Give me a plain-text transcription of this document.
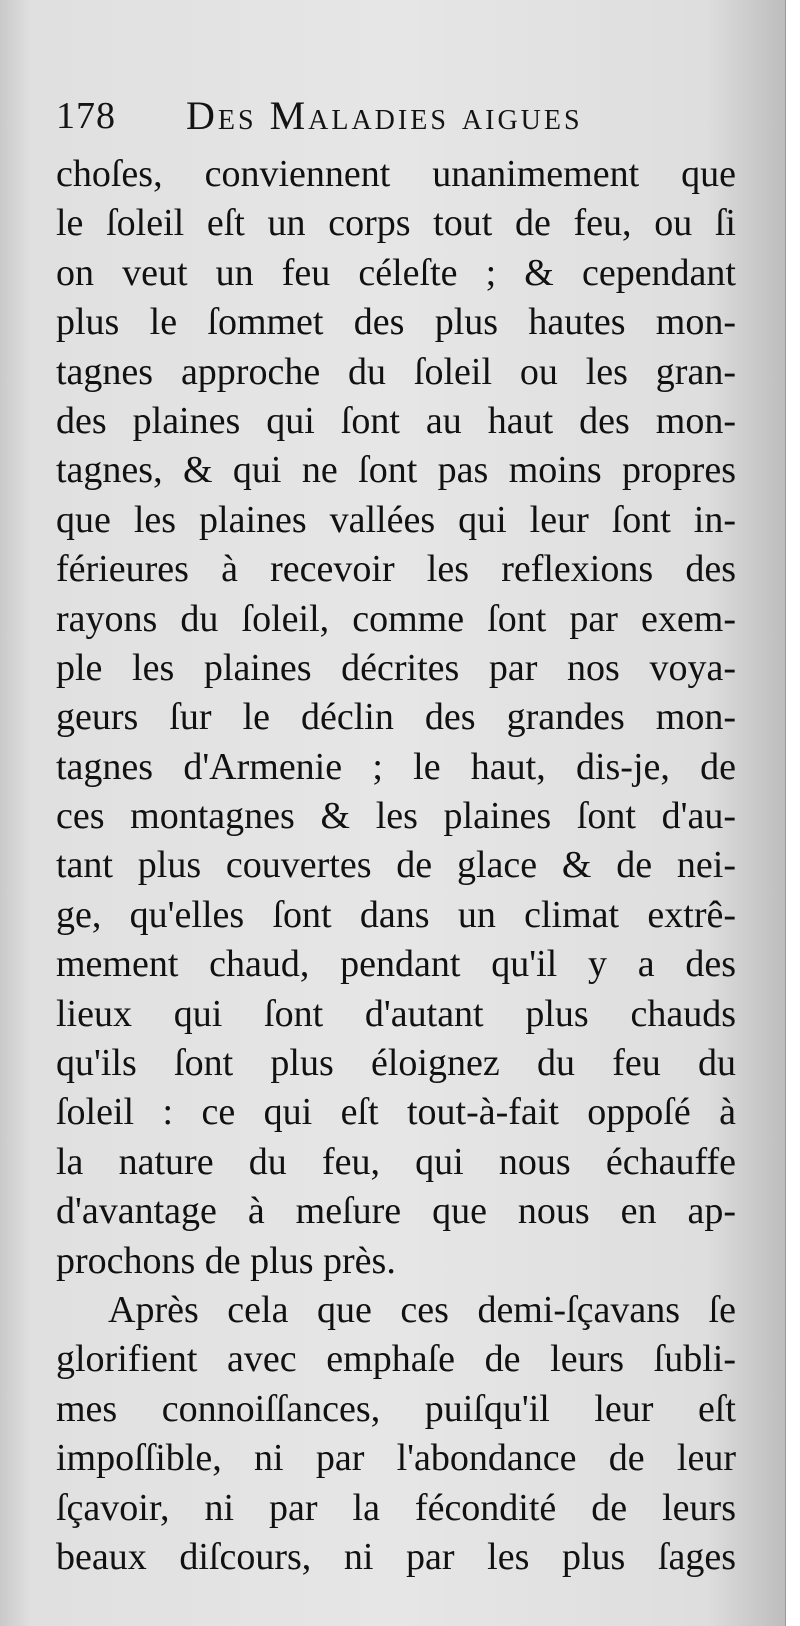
178 Des Maladies aigues
choſes, conviennent unanimement que
le ſoleil eſt un corps tout de feu, ou ſi
on veut un feu céleſte ; & cependant
plus le ſommet des plus hautes mon-
tagnes approche du ſoleil ou les gran-
des plaines qui ſont au haut des mon-
tagnes, & qui ne ſont pas moins propres
que les plaines vallées qui leur ſont in-
férieures à recevoir les reflexions des
rayons du ſoleil, comme ſont par exem-
ple les plaines décrites par nos voya-
geurs ſur le déclin des grandes mon-
tagnes d'Armenie ; le haut, dis-je, de
ces montagnes & les plaines ſont d'au-
tant plus couvertes de glace & de nei-
ge, qu'elles ſont dans un climat extrê-
mement chaud, pendant qu'il y a des
lieux qui ſont d'autant plus chauds
qu'ils ſont plus éloignez du feu du
ſoleil : ce qui eſt tout-à-fait oppoſé à
la nature du feu, qui nous échauffe
d'avantage à meſure que nous en ap-
prochons de plus près.
Après cela que ces demi-ſçavans ſe
glorifient avec emphaſe de leurs ſubli-
mes connoiſſances, puiſqu'il leur eſt
impoſſible, ni par l'abondance de leur
ſçavoir, ni par la fécondité de leurs
beaux diſcours, ni par les plus ſages
